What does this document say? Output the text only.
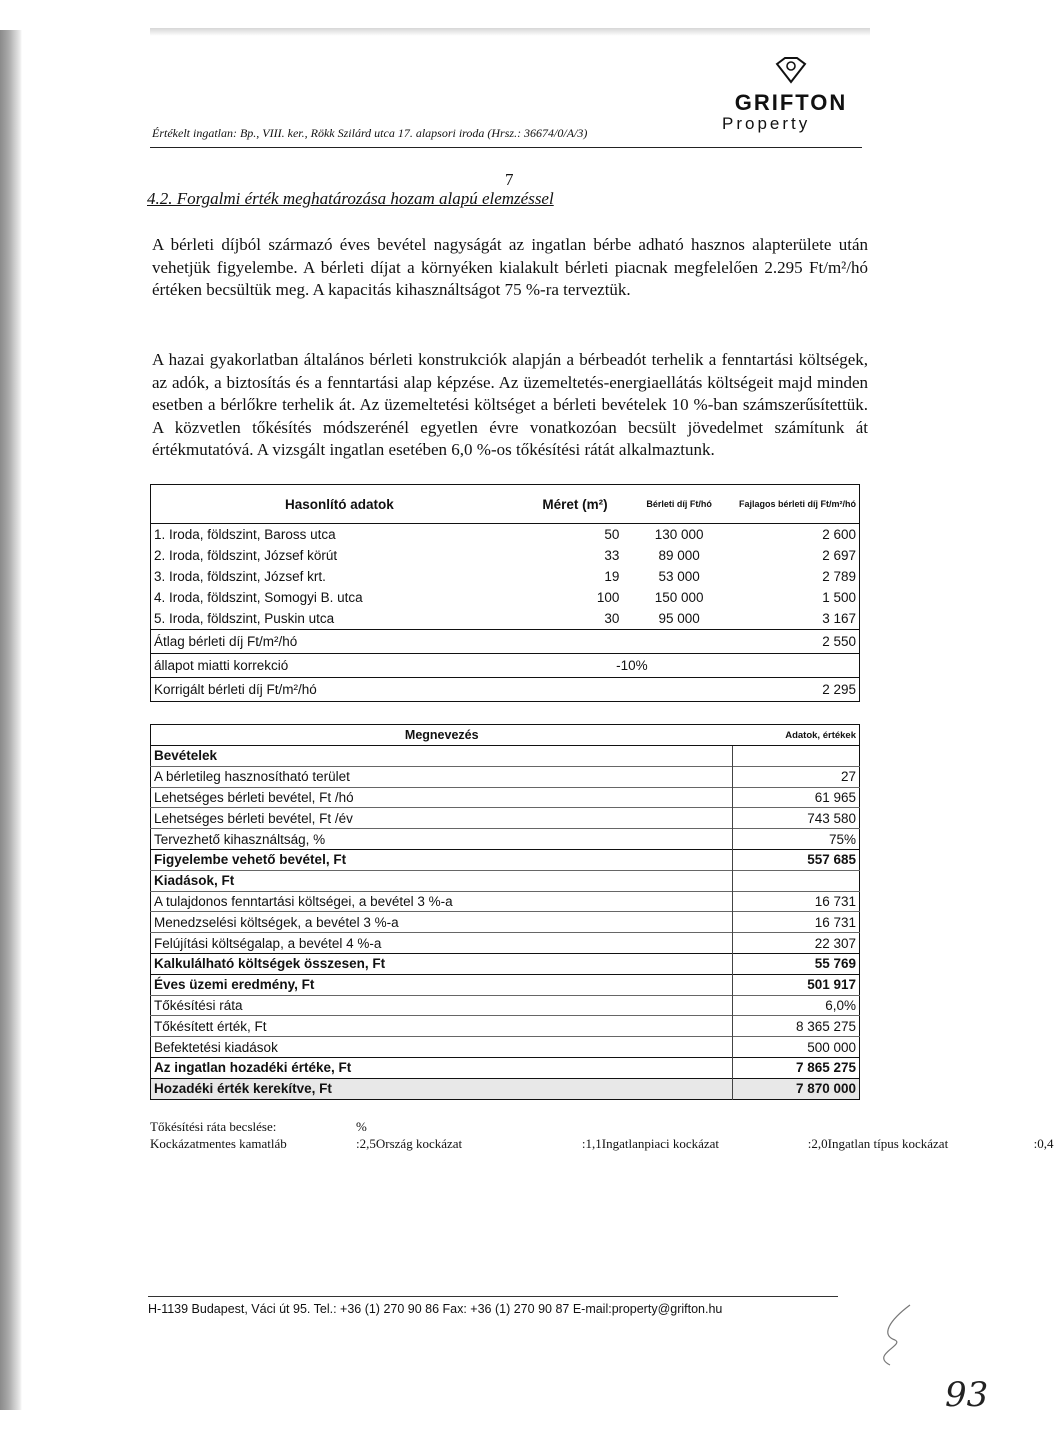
Értékelt ingatlan: Bp., VIII. ker., Rökk Szilárd utca 17. alapsori iroda (Hrsz.: 36674/0/A/3)
GRIFTON
Property
7
4.2. Forgalmi érték meghatározása hozam alapú elemzéssel
A bérleti díjból származó éves bevétel nagyságát az ingatlan bérbe adható hasznos alapterülete után vehetjük figyelembe. A bérleti díjat a környéken kialakult bérleti piacnak megfelelően 2.295 Ft/m²/hó értéken becsültük meg. A kapacitás kihasználtságot 75 %-ra terveztük.
A hazai gyakorlatban általános bérleti konstrukciók alapján a bérbeadót terhelik a fenntartási költségek, az adók, a biztosítás és a fenntartási alap képzése. Az üzemeltetés-energiaellátás költségeit majd minden esetben a bérlőkre terhelik át. Az üzemeltetési költséget a bérleti bevételek 10 %-ban számszerűsítettük. A közvetlen tőkésítés módszerénél egyetlen évre vonatkozóan becsült jövedelmet számítunk át értékmutatóvá. A vizsgált ingatlan esetében 6,0 %-os tőkésítési rátát alkalmaztunk.
Hasonlító adatok	Méret (m²)	Bérleti díj Ft/hó	Fajlagos bérleti díj Ft/m²/hó
1. Iroda, földszint, Baross utca	50	130 000	2 600
2. Iroda, földszint, József körút	33	89 000	2 697
3. Iroda, földszint, József krt.	19	53 000	2 789
4. Iroda, földszint, Somogyi B. utca	100	150 000	1 500
5. Iroda, földszint, Puskin utca	30	95 000	3 167
Átlag bérleti díj Ft/m²/hó			2 550
állapot miatti korrekció	-10%		
Korrigált bérleti díj Ft/m²/hó			2 295
Megnevezés	Adatok, értékek
Bevételek	
A bérletileg hasznosítható terület	27
Lehetséges bérleti bevétel, Ft /hó	61 965
Lehetséges bérleti bevétel, Ft /év	743 580
Tervezhető kihasználtság, %	75%
Figyelembe vehető bevétel, Ft	557 685
Kiadások, Ft	
A tulajdonos fenntartási költségei, a bevétel 3 %-a	16 731
Menedzselési költségek, a bevétel 3 %-a	16 731
Felújítási költségalap, a bevétel 4 %-a	22 307
Kalkulálható költségek összesen, Ft	55 769
Éves üzemi eredmény, Ft	501 917
Tőkésítési ráta	6,0%
Tőkésített érték, Ft	8 365 275
Befektetési kiadások	500 000
Az ingatlan hozadéki értéke, Ft	7 865 275
Hozadéki érték kerekítve, Ft	7 870 000
Tőkésítési ráta becslése:	%
Kockázatmentes kamatláb	:2,5 Ország kockázat	:1,1 Ingatlanpiaci kockázat	:2,0 Ingatlan típus kockázat	:0,4
H-1139 Budapest, Váci út 95. Tel.: +36 (1) 270 90 86 Fax: +36 (1) 270 90 87 E-mail:property@grifton.hu
93
